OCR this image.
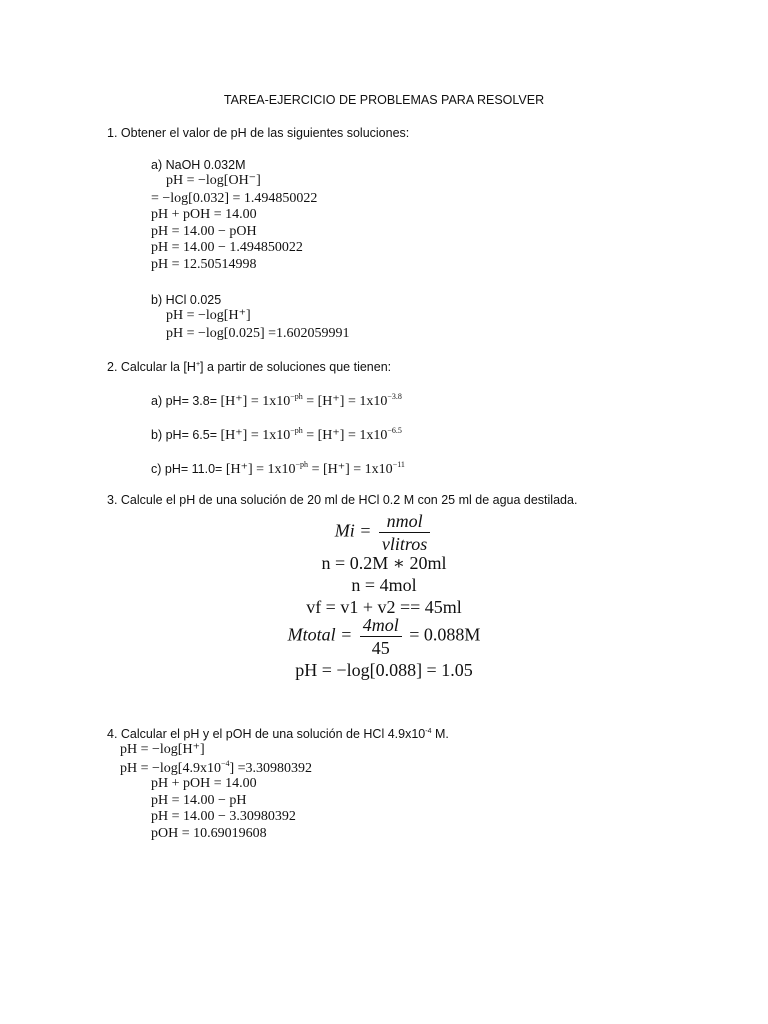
TAREA-EJERCICIO DE PROBLEMAS PARA RESOLVER
1. Obtener el valor de pH de las siguientes soluciones:
a) NaOH 0.032M
pH = −log[OH⁻]
= −log[0.032] = 1.494850022
pH + pOH = 14.00
pH = 14.00 − pOH
pH = 14.00 − 1.494850022
pH = 12.50514998
b) HCl 0.025
pH = −log[H⁺]
pH = −log[0.025] =1.602059991
2. Calcular la [H+] a partir de soluciones que tienen:
a) $pH= 3.8= [H^+] = 1x10^{-ph} = [H^+] = 1x10^{-3.8}$
b) $pH= 6.5= [H^+] = 1x10^{-ph} = [H^+] = 1x10^{-6.5}$
c) $pH= 11.0= [H^+] = 1x10^{-ph} = [H^+] = 1x10^{-11}$
3. Calcule el pH de una solución de 20 ml de HCl 0.2 M con 25 ml de agua destilada.
$Mi = \frac{\text{nmol}}{\text{vlitros}}$
n = 0.2M ∗ 20ml
n = 4mol
vf = v1 + v2 == 45ml
Mtotal = $\frac{\text{4mol}}{45} = 0.088M$
pH = −log[0.088] = 1.05
4. Calcular el pH y el pOH de una solución de HCl $4.9x10^{-4}$ M.
pH = −log[H⁺]
pH = $-\log[4.9x10^{-4}] =3.30980392$
pH + pOH = 14.00
pH = 14.00 − pH
pH = 14.00 − 3.30980392
pOH = 10.69019608
